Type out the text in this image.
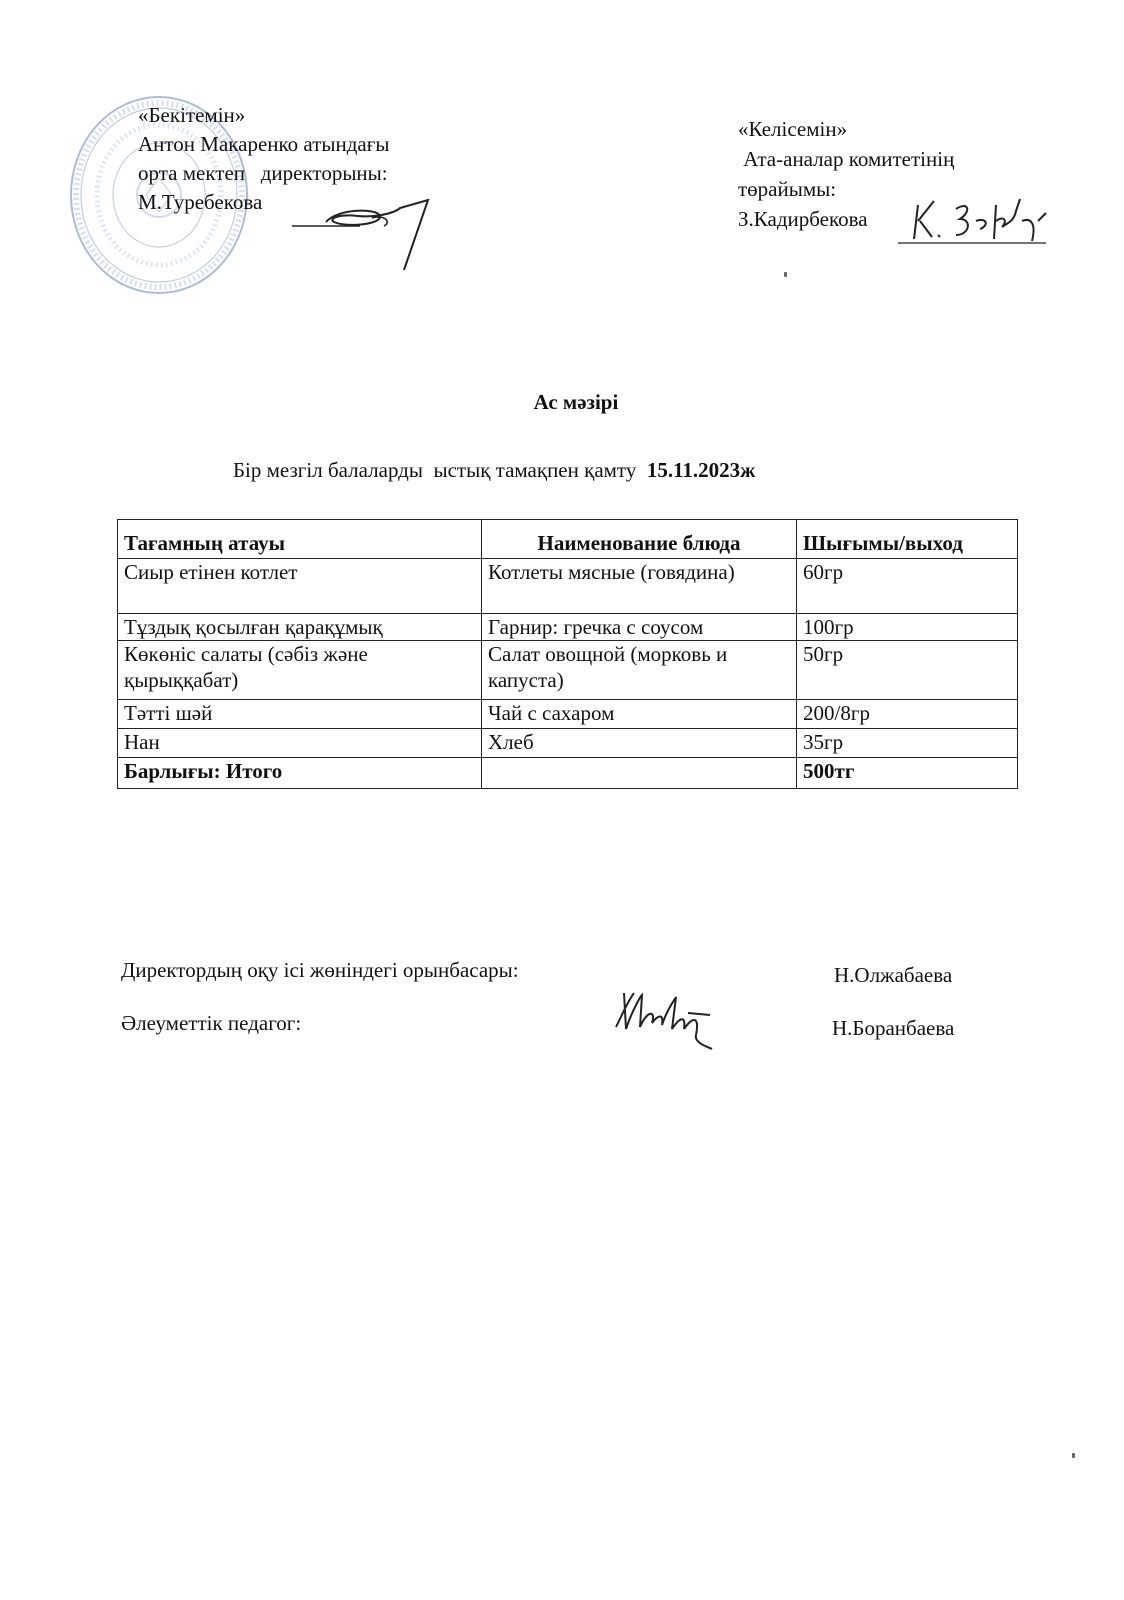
«Бекітемін»
Антон Макаренко атындағы
орта мектеп   директорыны:
М.Туребекова
«Келісемін»
Ата-аналар комитетінің
төрайымы:
З.Кадирбекова
Ас мәзірі
Бір мезгіл балаларды  ыстық тамақпен қамту  15.11.2023ж
Тағамның атауы	Наименование блюда	Шығымы/выход
Сиыр етінен котлет	Котлеты мясные (говядина)	60гр
Тұздық қосылған қарақұмық	Гарнир: гречка с соусом	100гр
Көкөніс салаты (сәбіз және қырыққабат)	Салат овощной (морковь и капуста)	50гр
Тәтті шәй	Чай с сахаром	200/8гр
Нан	Хлеб	35гр
Барлығы: Итого		500тг
Директордың оқу ісі жөніндегі орынбасары:	Н.Олжабаева
Әлеуметтік педагог:	Н.Боранбаева
